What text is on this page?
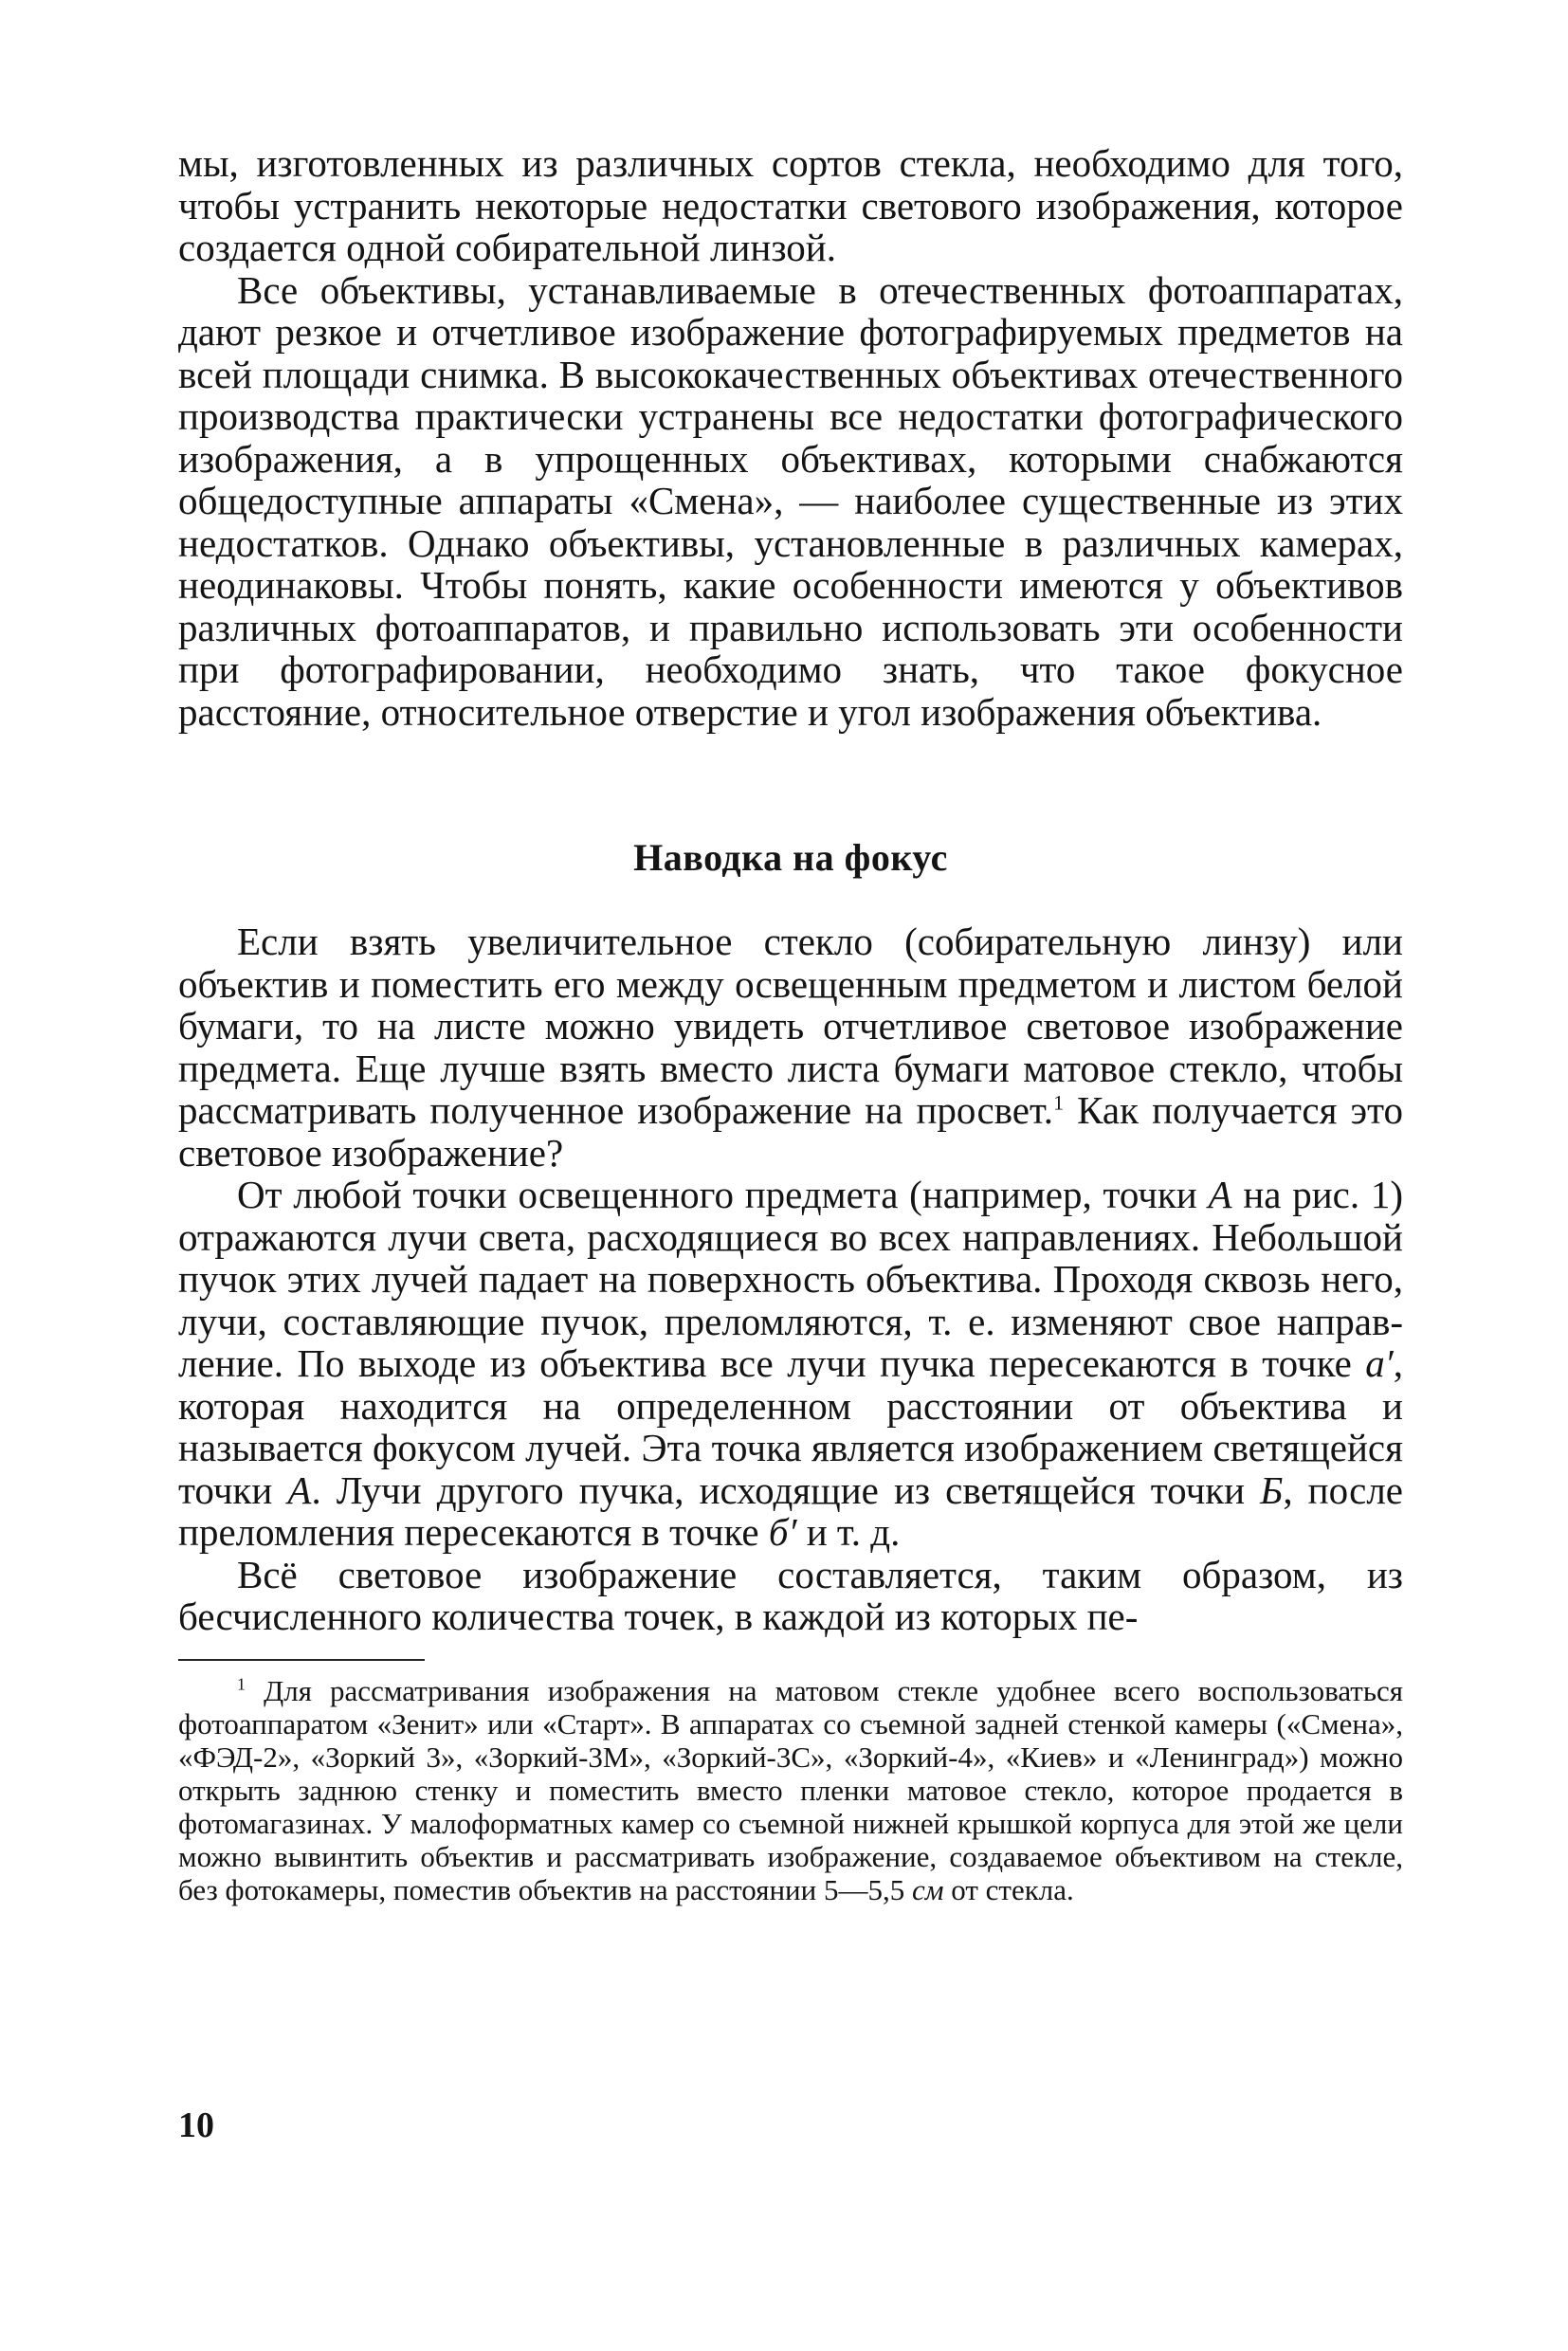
мы, изготовленных из различных сортов стекла, необходимо для того, чтобы устранить некоторые недостатки светового изображения, которое создается одной собирательной линзой.

Все объективы, устанавливаемые в отечественных фотоаппаратах, дают резкое и отчетливое изображение фотографируемых предметов на всей площади снимка. В высококачественных объективах отечественного производства практически устранены все недостатки фотографического изображения, а в упрощенных объективах, которыми снабжаются общедоступные аппараты «Смена», — наиболее существенные из этих недостатков. Однако объективы, установленные в различных камерах, неодинаковы. Чтобы понять, какие особенности имеются у объективов различных фотоаппаратов, и правильно использовать эти особенности при фотографировании, необходимо знать, что такое фокусное расстояние, относительное отверстие и угол изображения объектива.

Наводка на фокус

Если взять увеличительное стекло (собирательную линзу) или объектив и поместить его между освещенным предметом и листом белой бумаги, то на листе можно увидеть отчетливое световое изображение предмета. Еще лучше взять вместо листа бумаги матовое стекло, чтобы рассматривать полученное изображение на просвет.$^1$ Как получается это световое изображение?

От любой точки освещенного предмета (например, точки А на рис. 1) отражаются лучи света, расходящиеся во всех направлениях. Небольшой пучок этих лучей падает на поверхность объектива. Проходя сквозь него, лучи, составляющие пучок, преломляются, т. е. изменяют свое направление. По выходе из объектива все лучи пучка пересекаются в точке а′, которая находится на определенном расстоянии от объектива и называется фокусом лучей. Эта точка является изображением светящейся точки А. Лучи другого пучка, исходящие из светящейся точки Б, после преломления пересекаются в точке б′ и т. д.

Всё световое изображение составляется, таким образом, из бесчисленного количества точек, в каждой из которых пе-

$^1$ Для рассматривания изображения на матовом стекле удобнее всего воспользоваться фотоаппаратом «Зенит» или «Старт». В аппаратах со съемной задней стенкой камеры («Смена», «ФЭД-2», «Зоркий 3», «Зоркий-3М», «Зоркий-3С», «Зоркий-4», «Киев» и «Ленинград») можно открыть заднюю стенку и поместить вместо пленки матовое стекло, которое продается в фотомагазинах. У малоформатных камер со съемной нижней крышкой корпуса для этой же цели можно вывинтить объектив и рассматривать изображение, создаваемое объективом на стекле, без фотокамеры, поместив объектив на расстоянии 5—5,5 см от стекла.

10
